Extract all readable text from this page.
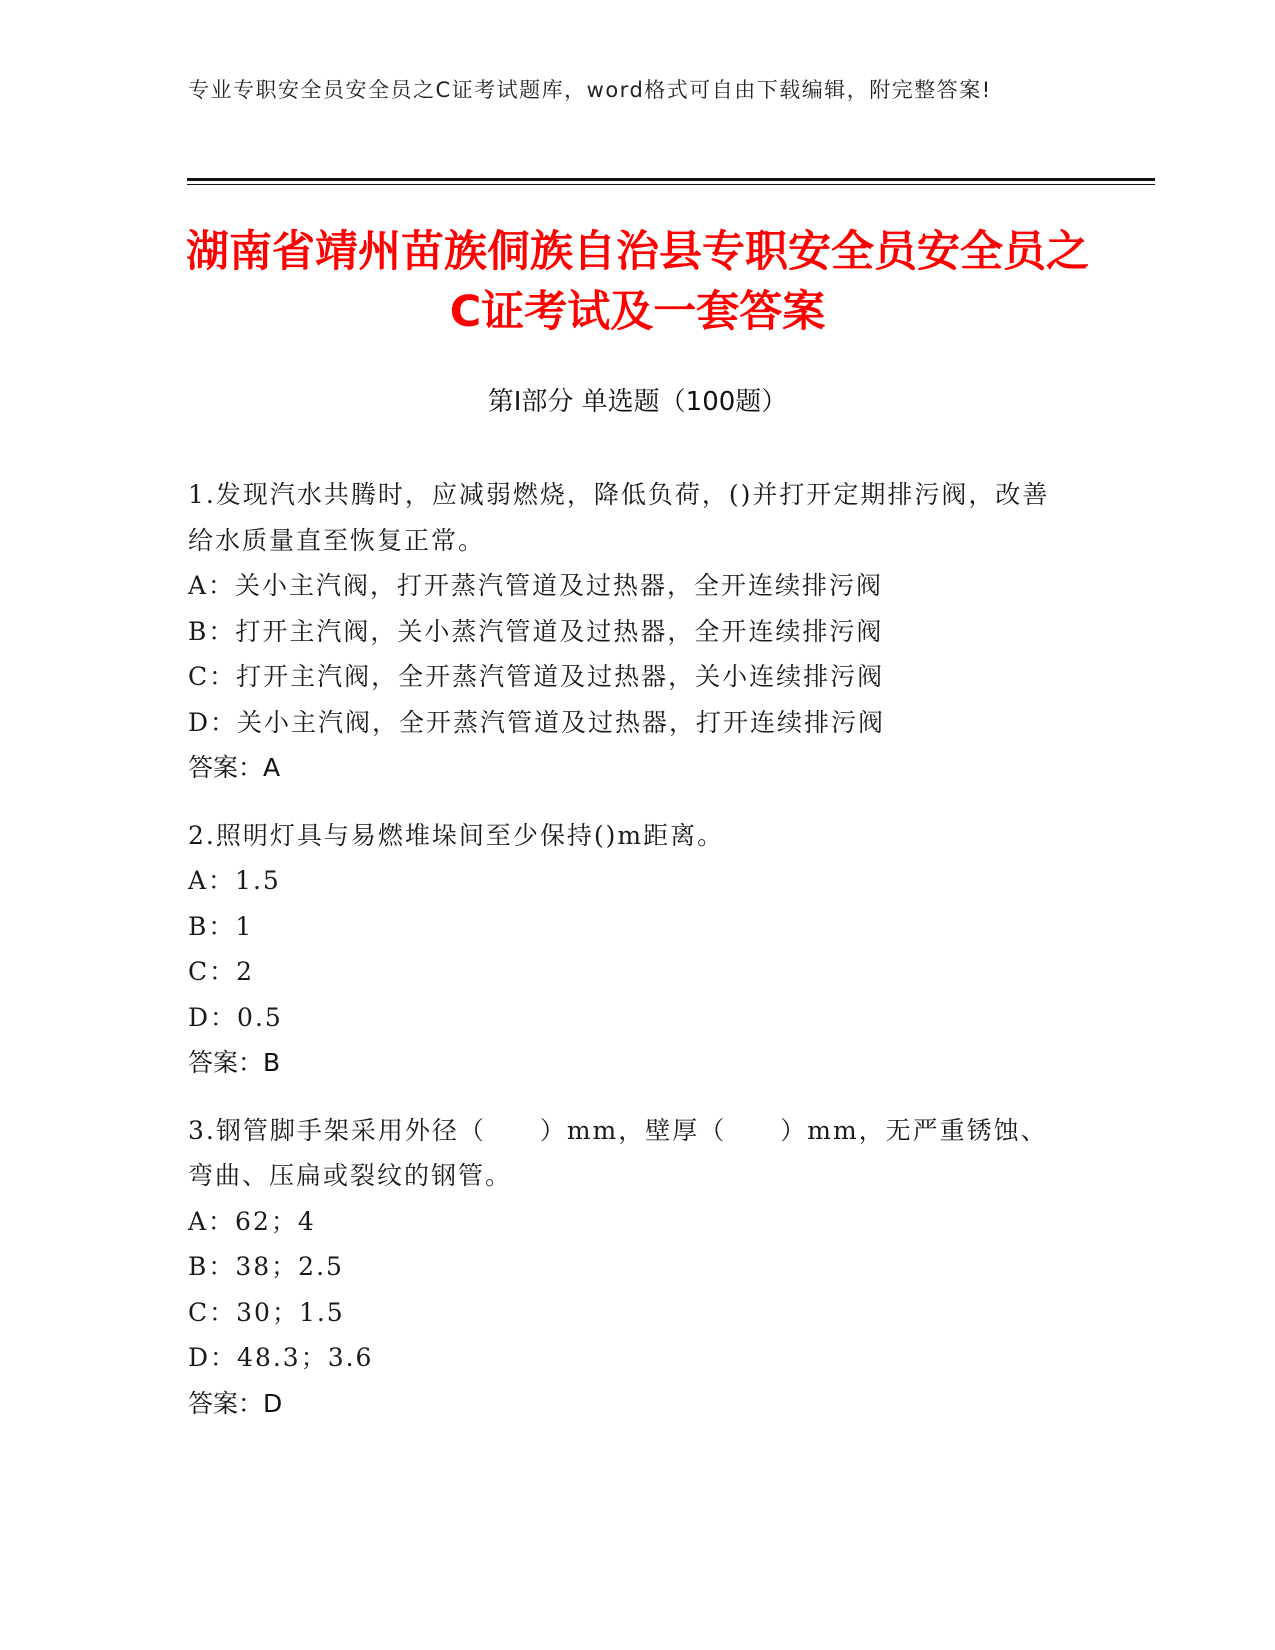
专业专职安全员安全员之C证考试题库，word格式可自由下载编辑，附完整答案!
湖南省靖州苗族侗族自治县专职安全员安全员之C证考试及一套答案
第Ⅰ部分 单选题（100题）

1.发现汽水共腾时，应减弱燃烧，降低负荷，()并打开定期排污阀，改善给水质量直至恢复正常。

A：关小主汽阀，打开蒸汽管道及过热器，全开连续排污阀

B：打开主汽阀，关小蒸汽管道及过热器，全开连续排污阀

C：打开主汽阀，全开蒸汽管道及过热器，关小连续排污阀

D：关小主汽阀，全开蒸汽管道及过热器，打开连续排污阀

答案：A

2.照明灯具与易燃堆垛间至少保持()m距离。

A：1.5

B：1

C：2

D：0.5

答案：B

3.钢管脚手架采用外径（　　）mm，壁厚（　　）mm，无严重锈蚀、弯曲、压扁或裂纹的钢管。

A：62；4

B：38；2.5

C：30；1.5

D：48.3；3.6

答案：D
